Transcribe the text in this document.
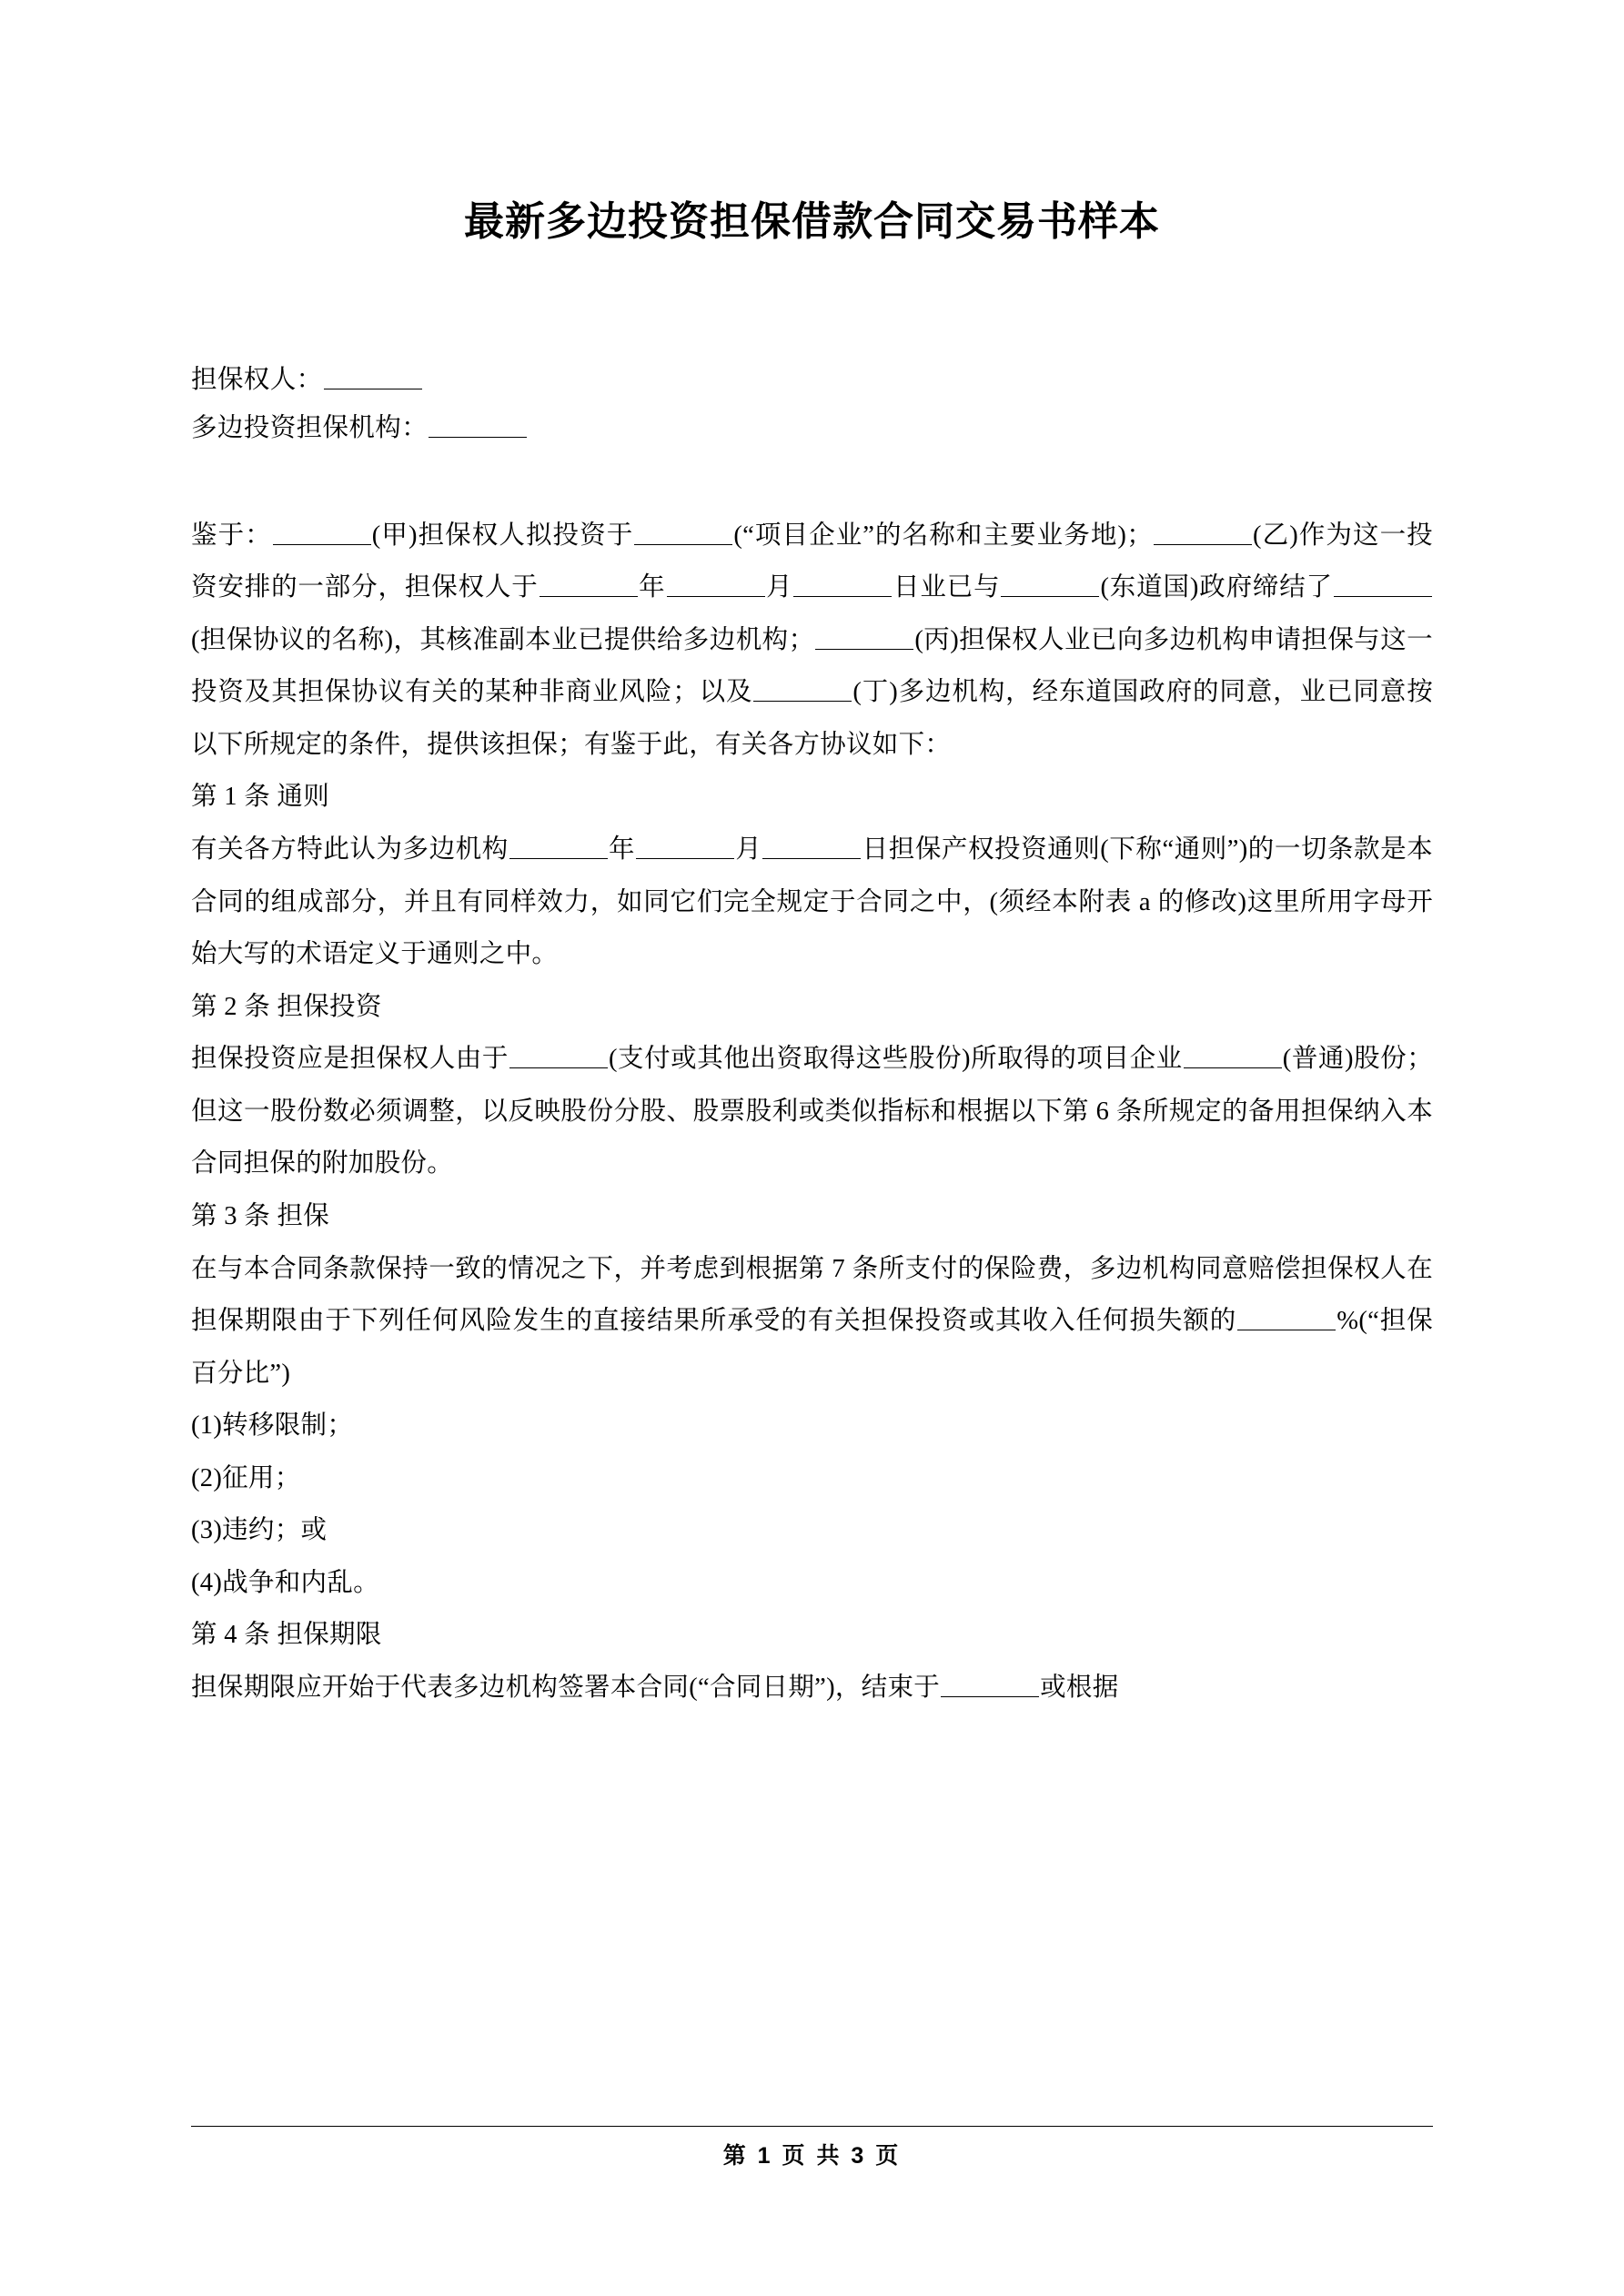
最新多边投资担保借款合同交易书样本
担保权人：
多边投资担保机构：

鉴于：	(甲)担保权人拟投资于	(“项目企业”的名称和主要业务地)；	(乙)作为这一投资安排的一部分，担保权人于	年	月	日业已与	(东道国)政府缔结了(担保协议的名称)，其核准副本业已提供给多边机构；	(丙)担保权人业已向多边机构申请担保与这一投资及其担保协议有关的某种非商业风险；以及	(丁)多边机构，经东道国政府的同意，业已同意按以下所规定的条件，提供该担保；有鉴于此，有关各方协议如下：

第 1 条 通则

有关各方特此认为多边机构	年	月	日担保产权投资通则(下称“通则”)的一切条款是本合同的组成部分，并且有同样效力，如同它们完全规定于合同之中，(须经本附表 a 的修改)这里所用字母开始大写的术语定义于通则之中。

第 2 条 担保投资

担保投资应是担保权人由于	(支付或其他出资取得这些股份)所取得的项目企业	(普通)股份；但这一股份数必须调整，以反映股份分股、股票股利或类似指标和根据以下第 6 条所规定的备用担保纳入本合同担保的附加股份。

第 3 条 担保

在与本合同条款保持一致的情况之下，并考虑到根据第 7 条所支付的保险费，多边机构同意赔偿担保权人在担保期限由于下列任何风险发生的直接结果所承受的有关担保投资或其收入任何损失额的	%(“担保百分比”)

(1)转移限制；

(2)征用；

(3)违约；或

(4)战争和内乱。

第 4 条 担保期限

担保期限应开始于代表多边机构签署本合同(“合同日期”)，结束于	或根据

第 1 页 共 3 页
